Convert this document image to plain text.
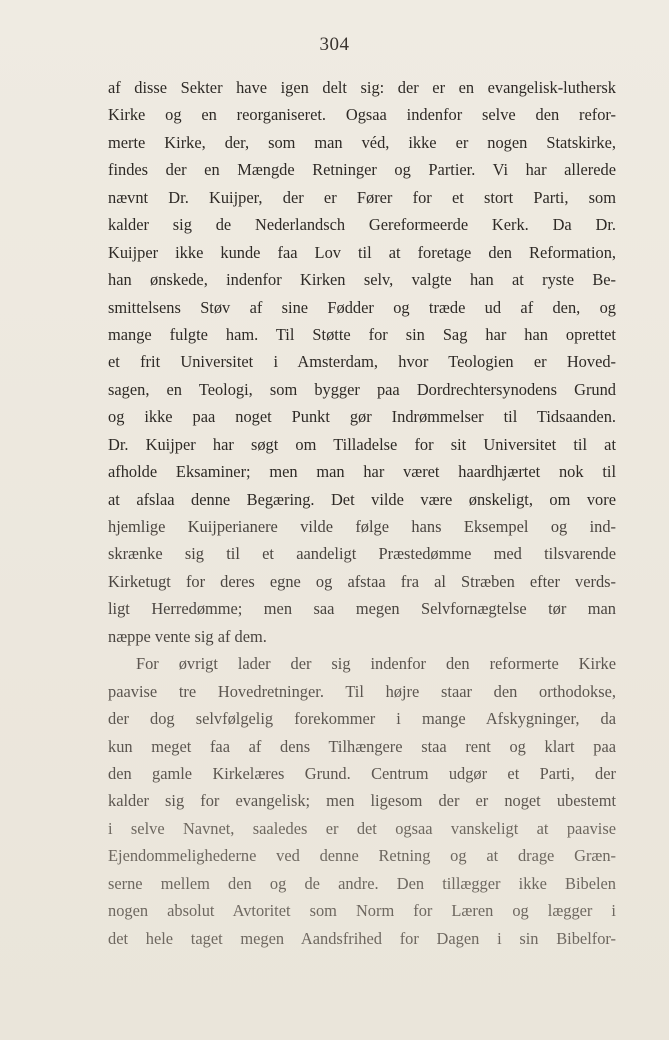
304
af disse Sekter have igen delt sig: der er en evangelisk-luthersk
Kirke og en reorganiseret. Ogsaa indenfor selve den refor-
merte Kirke, der, som man véd, ikke er nogen Statskirke,
findes der en Mængde Retninger og Partier. Vi har allerede
nævnt Dr. Kuijper, der er Fører for et stort Parti, som
kalder sig de Nederlandsch Gereformeerde Kerk. Da Dr.
Kuijper ikke kunde faa Lov til at foretage den Reformation,
han ønskede, indenfor Kirken selv, valgte han at ryste Be-
smittelsens Støv af sine Fødder og træde ud af den, og
mange fulgte ham. Til Støtte for sin Sag har han oprettet
et frit Universitet i Amsterdam, hvor Teologien er Hoved-
sagen, en Teologi, som bygger paa Dordrechtersynodens Grund
og ikke paa noget Punkt gør Indrømmelser til Tidsaanden.
Dr. Kuijper har søgt om Tilladelse for sit Universitet til at
afholde Eksaminer; men man har været haardhjærtet nok til
at afslaa denne Begæring. Det vilde være ønskeligt, om vore
hjemlige Kuijperianere vilde følge hans Eksempel og ind-
skrænke sig til et aandeligt Præstedømme med tilsvarende
Kirketugt for deres egne og afstaa fra al Stræben efter verds-
ligt Herredømme; men saa megen Selvfornægtelse tør man
næppe vente sig af dem.
For øvrigt lader der sig indenfor den reformerte Kirke
paavise tre Hovedretninger. Til højre staar den orthodokse,
der dog selvfølgelig forekommer i mange Afskygninger, da
kun meget faa af dens Tilhængere staa rent og klart paa
den gamle Kirkelæres Grund. Centrum udgør et Parti, der
kalder sig for evangelisk; men ligesom der er noget ubestemt
i selve Navnet, saaledes er det ogsaa vanskeligt at paavise
Ejendommelighederne ved denne Retning og at drage Græn-
serne mellem den og de andre. Den tillægger ikke Bibelen
nogen absolut Avtoritet som Norm for Læren og lægger i
det hele taget megen Aandsfrihed for Dagen i sin Bibelfor-
